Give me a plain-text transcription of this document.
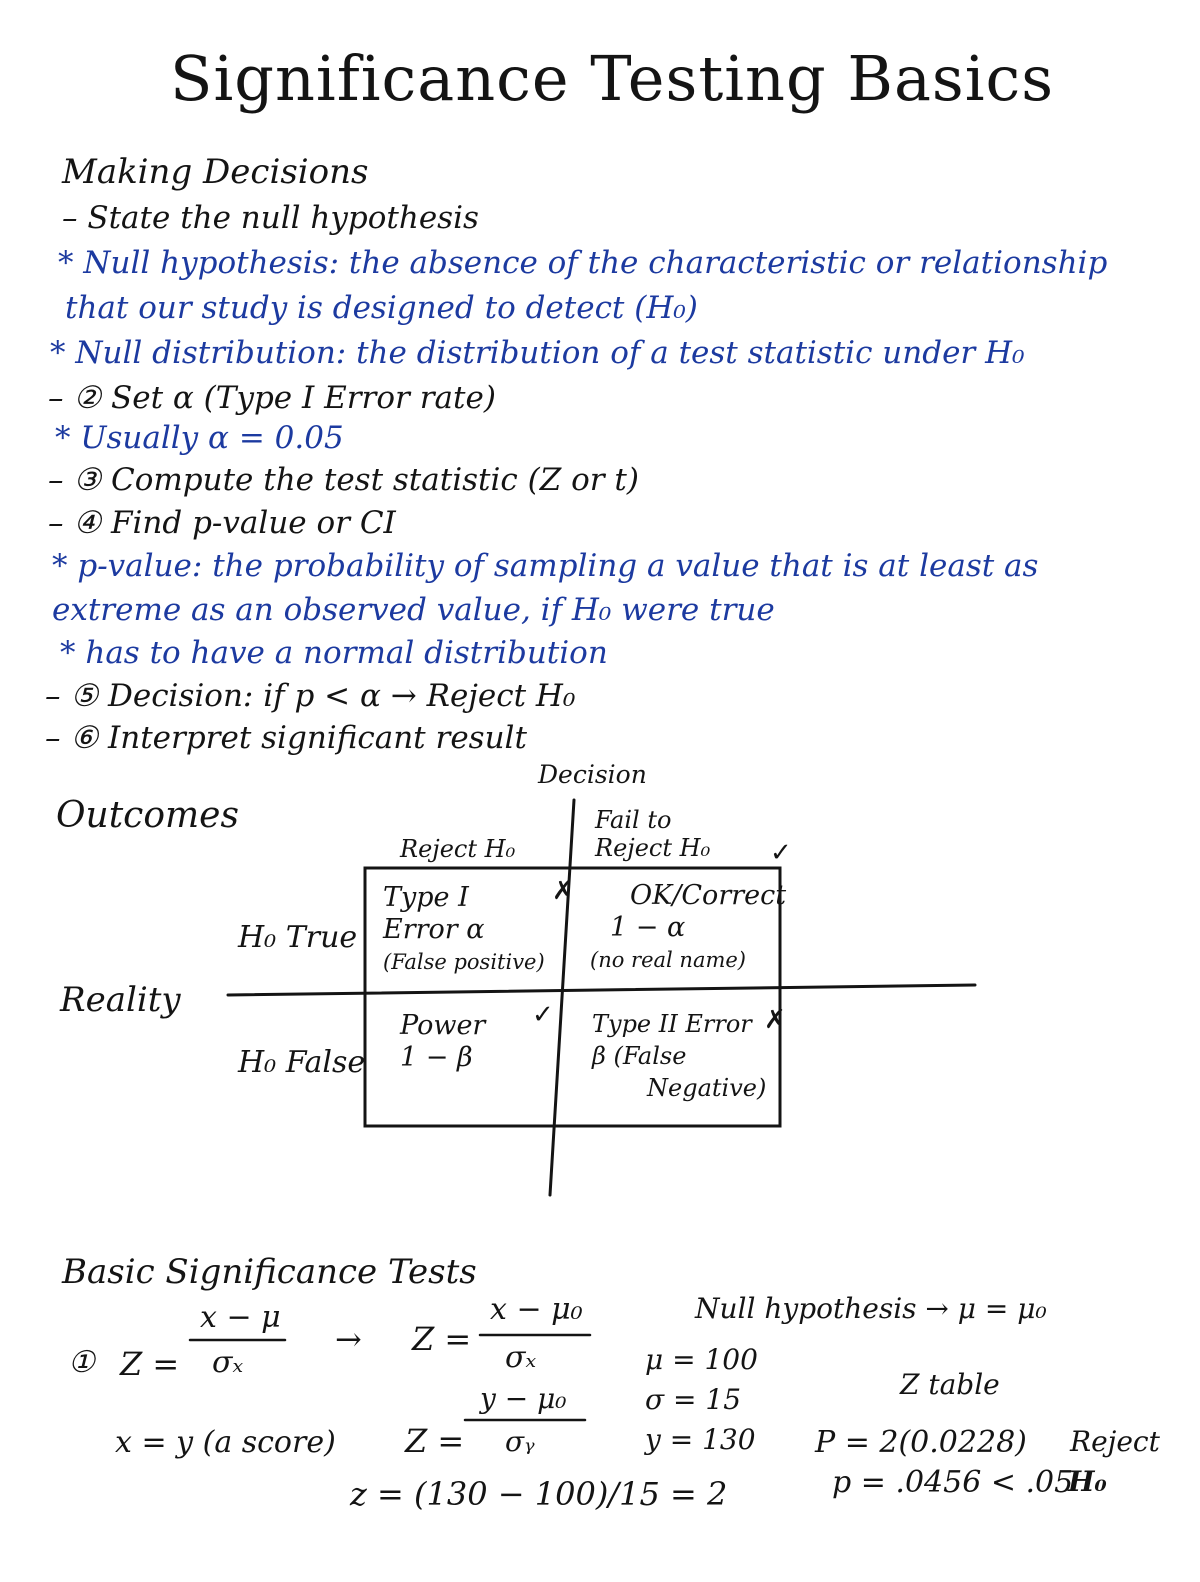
Significance Testing Basics
Making Decisions
– State the null hypothesis
* Null hypothesis: the absence of the characteristic or relationship
that our study is designed to detect (H₀)
* Null distribution: the distribution of a test statistic under H₀
– ② Set α (Type I Error rate)
* Usually α = 0.05
– ③ Compute the test statistic (Z or t)
– ④ Find p-value or CI
* p-value: the probability of sampling a value that is at least as
extreme as an observed value, if H₀ were true
* has to have a normal distribution
– ⑤ Decision: if p < α → Reject H₀
– ⑥ Interpret significant result
Outcomes
Decision
Reality
Reject H₀
Fail to Reject H₀
H₀ True
H₀ False
Type I
Error α
(False positive)
OK/Correct
1 − α
(no real name)
Power
1 − β
Type II Error
β (False
Negative)
✗
✓
✓	✗
Basic Significance Tests
① Z =
x − μ
σₓ
→ Z =
x − μ₀
σₓ
Null hypothesis → μ = μ₀
x = y (a score) Z =
y − μ₀
σᵧ
μ = 100
σ = 15
y = 130
z = (130 − 100)/15 = 2
Z table
P = 2(0.0228)
p = .0456 < .05
Reject
H₀
